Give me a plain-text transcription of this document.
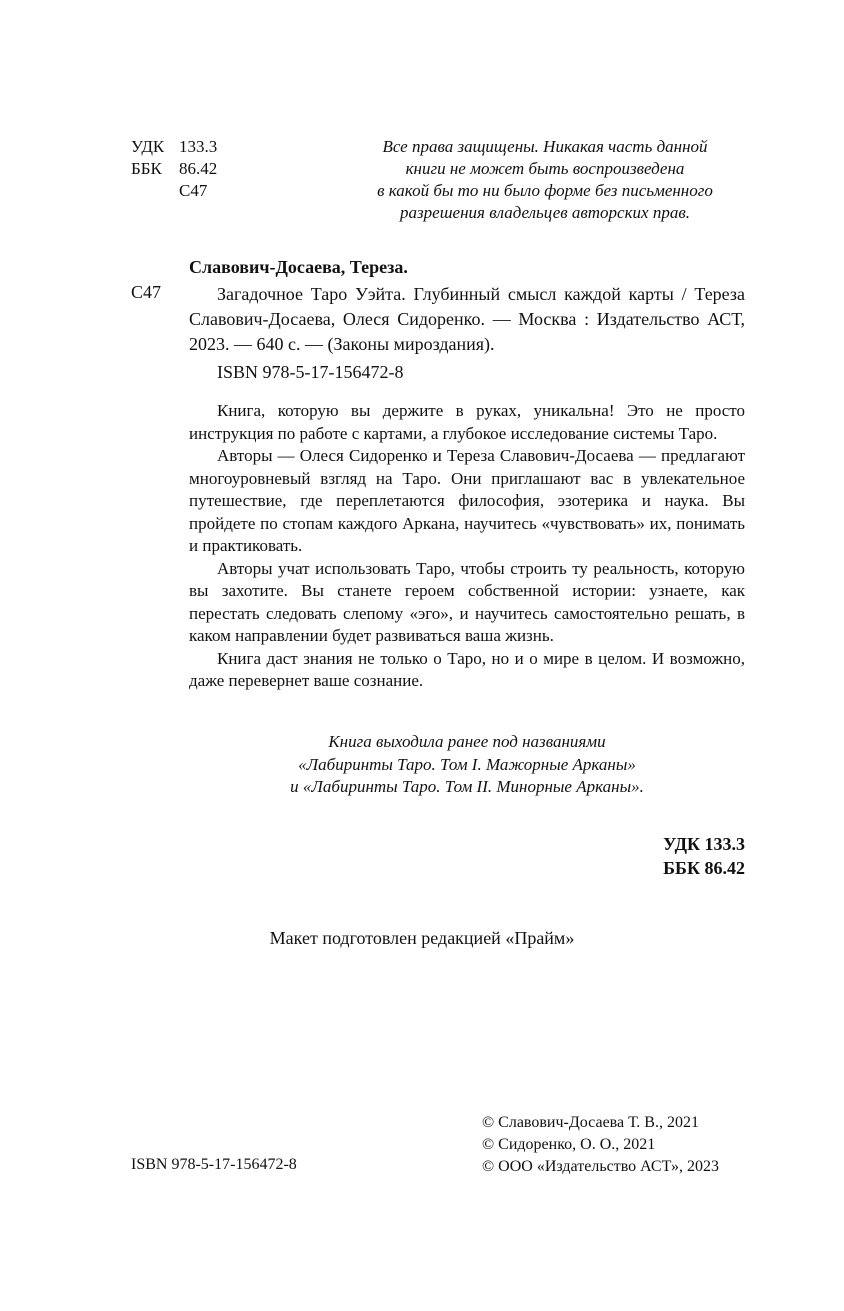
УДК 133.3
ББК	86.42
С47
Все права защищены. Никакая часть данной
книги не может быть воспроизведена
в какой бы то ни было форме без письменного
разрешения владельцев авторских прав.
Славович-Досаева, Тереза.
С47	Загадочное Таро Уэйта. Глубинный смысл каждой карты / Тереза Славович-Досаева, Олеся Сидоренко. — Москва : Издательство АСТ, 2023. — 640 с. — (Законы мироздания).

ISBN 978-5-17-156472-8

Книга, которую вы держите в руках, уникальна! Это не просто инструкция по работе с картами, а глубокое исследование системы Таро.

Авторы — Олеся Сидоренко и Тереза Славович-Досаева — предлагают многоуровневый взгляд на Таро. Они приглашают вас в увлекательное путешествие, где переплетаются философия, эзотерика и наука. Вы пройдете по стопам каждого Аркана, научитесь «чувствовать» их, понимать и практиковать.

Авторы учат использовать Таро, чтобы строить ту реальность, которую вы захотите. Вы станете героем собственной истории: узнаете, как перестать следовать слепому «эго», и научитесь самостоятельно решать, в каком направлении будет развиваться ваша жизнь.

Книга даст знания не только о Таро, но и о мире в целом. И возможно, даже перевернет ваше сознание.

Книга выходила ранее под названиями
«Лабиринты Таро. Том I. Мажорные Арканы»
и «Лабиринты Таро. Том II. Минорные Арканы».
УДК 133.3
ББК 86.42
Макет подготовлен редакцией «Прайм»
© Славович-Досаева Т. В., 2021
© Сидоренко, О. О., 2021
© ООО «Издательство АСТ», 2023
ISBN 978-5-17-156472-8
